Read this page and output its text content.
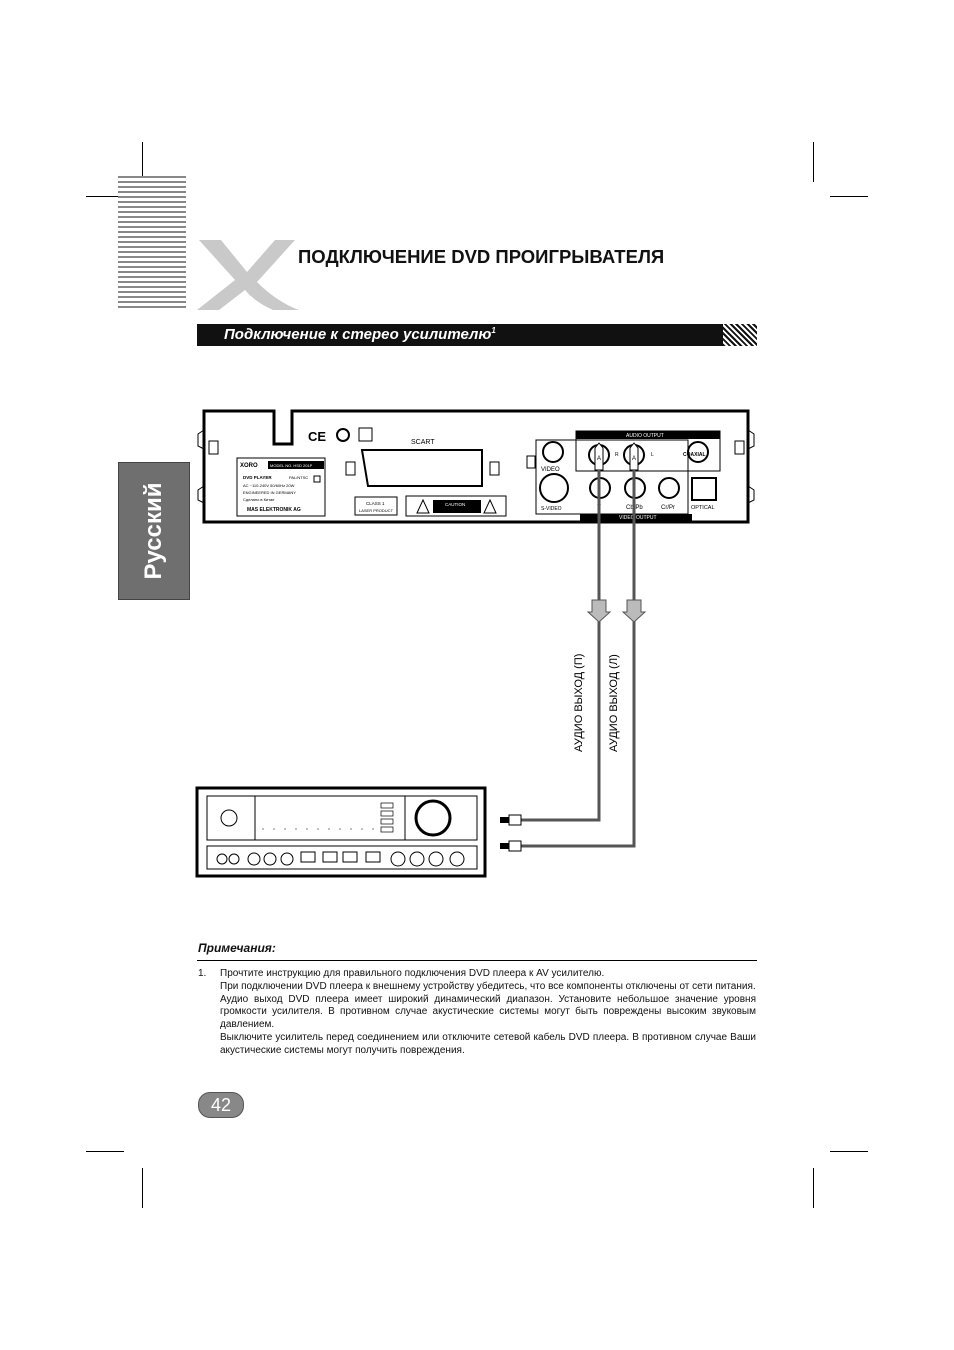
ПОДКЛЮЧЕНИЕ DVD ПРОИГРЫВАТЕЛЯ
Подключение к стерео усилителю$^1$
Русский
CE	SCART
XORO	MODEL NO. HSD 201P
DVD PLAYER	PAL/NTSC
AC ~110-240V 50/60Hz 20W
ENGINEERED IN GERMANY
Сделано в Китае
MAS ELEKTRONIK AG
CLASS 1
LASER PRODUCT
CAUTION
AUDIO OUTPUT
VIDEO OUTPUT
VIDEO
S-VIDEO
R	L	COAXIAL
Y	Cb/Pb	Cr/Pr	OPTICAL
A	A
АУДИО ВЫХОД (П) АУДИО ВЫХОД (Л)
Примечания:
1. Прочтите инструкцию для правильного подключения DVD плеера к AV усилителю.

При подключении DVD плеера к внешнему устройству убедитесь, что все компоненты отключены от сети питания.

Аудио выход DVD плеера имеет широкий динамический диапазон. Установите небольшое значение уровня громкости усилителя. В противном случае акустические системы могут быть повреждены высоким звуковым давлением.

Выключите усилитель перед соединением или отключите сетевой кабель DVD плеера. В противном случае Ваши акустические системы могут получить повреждения.

42
